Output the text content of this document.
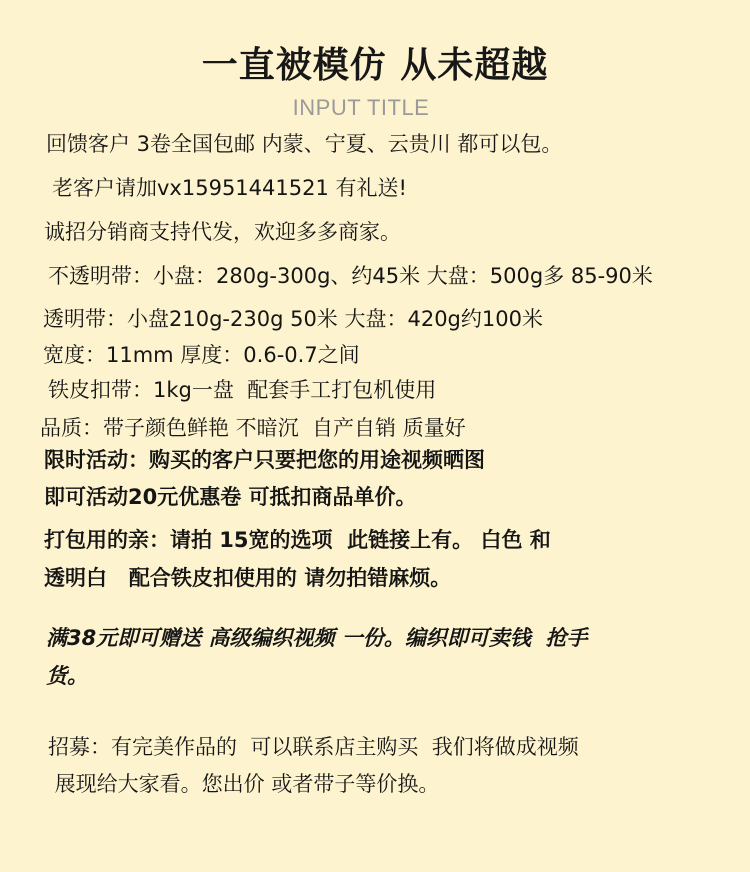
一直被模仿 从未超越
INPUT TITLE
回馈客户 3卷全国包邮 内蒙、宁夏、云贵川 都可以包。
老客户请加vx15951441521 有礼送!
诚招分销商支持代发，欢迎多多商家。
不透明带：小盘：280g-300g、约45米 大盘：500g多 85-90米
透明带：小盘210g-230g 50米 大盘：420g约100米
宽度：11mm 厚度：0.6-0.7之间
铁皮扣带：1kg一盘  配套手工打包机使用
品质：带子颜色鲜艳 不暗沉  自产自销 质量好
限时活动：购买的客户只要把您的用途视频晒图
即可活动20元优惠卷 可抵扣商品单价。
打包用的亲：请拍 15宽的选项  此链接上有。 白色 和
透明白   配合铁皮扣使用的 请勿拍错麻烦。
满38元即可赠送 高级编织视频 一份。编织即可卖钱  抢手
货。
招募：有完美作品的  可以联系店主购买  我们将做成视频
展现给大家看。您出价 或者带子等价换。
